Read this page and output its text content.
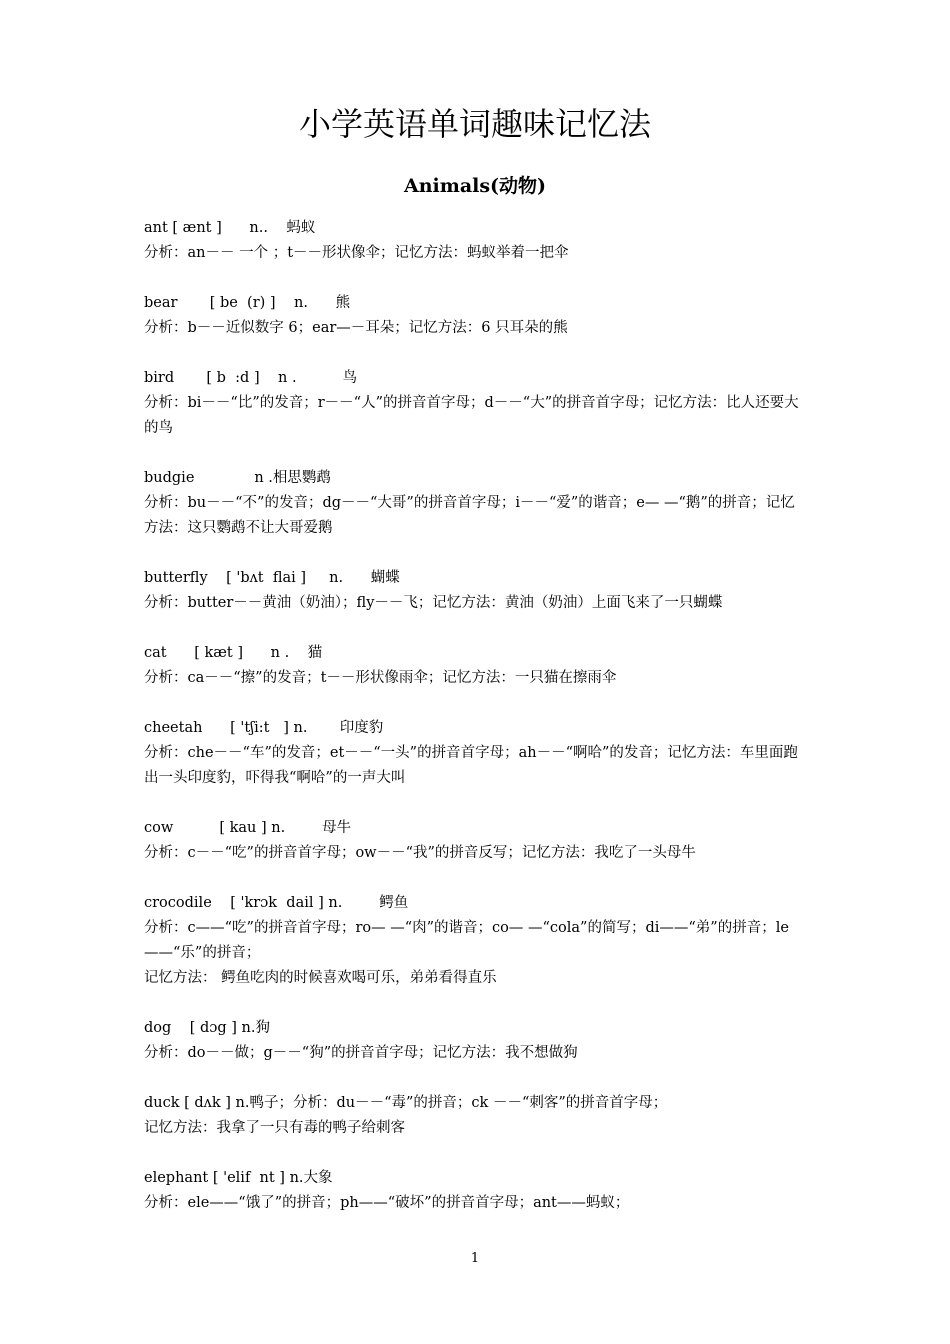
小学英语单词趣味记忆法
Animals(动物)
ant [ ænt ]      n..    蚂蚁
分析：an－－ 一个 ；t－－形状像伞；记忆方法：蚂蚁举着一把伞
bear       [ be  (r) ]    n.      熊
分析：b－－近似数字 6；ear—－耳朵；记忆方法：6 只耳朵的熊
bird       [ b  :d ]    n .          鸟
分析：bi－－“比”的发音；r－－“人”的拼音首字母；d－－“大”的拼音首字母；记忆方法：比人还要大的鸟
budgie             n .相思鹦鹉
分析：bu－－“不”的发音；dg－－“大哥”的拼音首字母；i－－“爱”的谐音；e— —“鹅”的拼音；记忆方法：这只鹦鹉不让大哥爱鹅
butterfly    [ 'bʌt  flai ]     n.      蝴蝶
分析：butter－－黄油（奶油）；fly－－飞；记忆方法：黄油（奶油）上面飞来了一只蝴蝶
cat      [ kæt ]      n .    猫
分析：ca－－“擦”的发音；t－－形状像雨伞；记忆方法：一只猫在擦雨伞
cheetah      [ 'tʃi:t   ] n.       印度豹
分析：che－－“车”的发音；et－－“一头”的拼音首字母；ah－－“啊哈”的发音；记忆方法：车里面跑出一头印度豹，吓得我“啊哈”的一声大叫
cow          [ kau ] n.        母牛
分析：c－－“吃”的拼音首字母；ow－－“我”的拼音反写；记忆方法：我吃了一头母牛
crocodile    [ 'krɔk  dail ] n.        鳄鱼
分析：c——“吃”的拼音首字母；ro— —“肉”的谐音；co— —“cola”的简写；di——“弟”的拼音；le——“乐”的拼音；
记忆方法： 鳄鱼吃肉的时候喜欢喝可乐，弟弟看得直乐
dog    [ dɔg ] n.狗
分析：do－－做；g－－“狗”的拼音首字母；记忆方法：我不想做狗
duck [ dʌk ] n.鸭子；分析：du－－“毒”的拼音；ck －－“刺客”的拼音首字母；
记忆方法：我拿了一只有毒的鸭子给刺客
elephant [ 'elif  nt ] n.大象
分析：ele——“饿了”的拼音；ph——“破坏”的拼音首字母；ant——蚂蚁；
1
